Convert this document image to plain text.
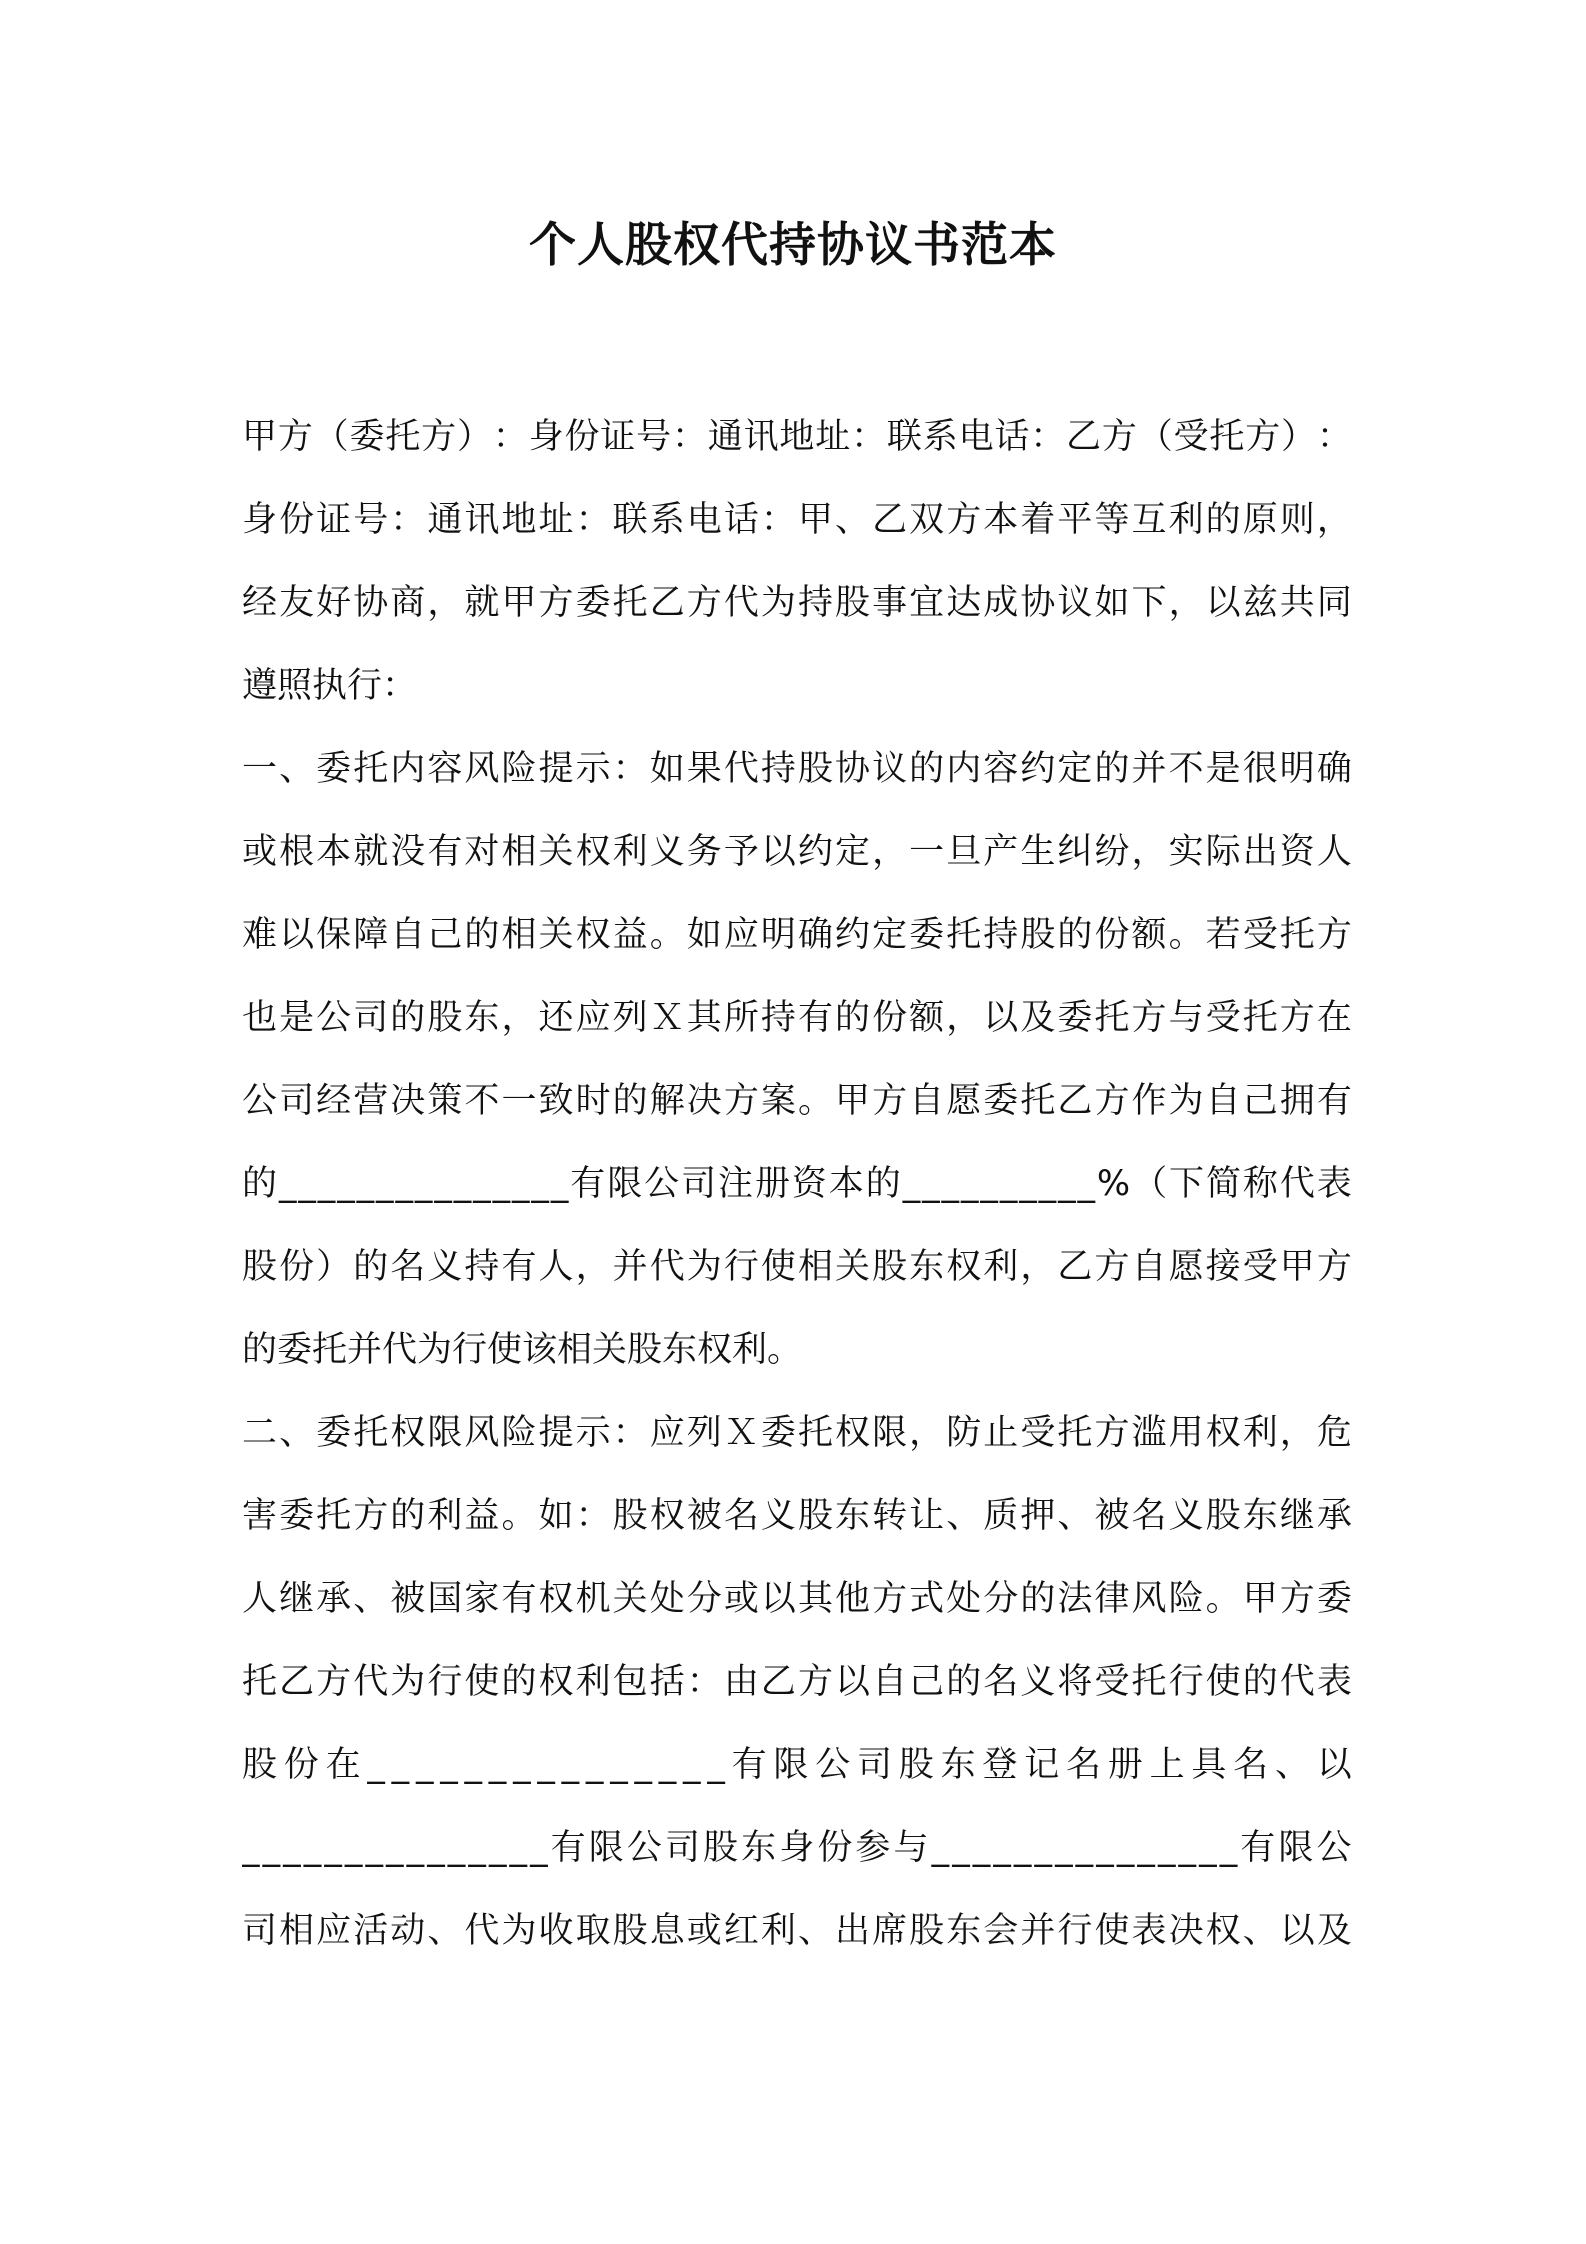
个人股权代持协议书范本
甲 方 （ 委 托 方 ） ： 身 份 证 号 ： 通 讯 地 址 ： 联 系 电 话 ： 乙 方 （ 受 托 方 ） ：
身 份 证 号 ： 通 讯 地 址 ： 联 系 电 话 ： 甲 、 乙 双 方 本 着 平 等 互 利 的 原 则 ，
经 友 好 协 商 ， 就 甲 方 委 托 乙 方 代 为 持 股 事 宜 达 成 协 议 如 下 ， 以 兹 共 同
遵照执行：
一 、 委 托 内 容 风 险 提 示 ： 如 果 代 持 股 协 议 的 内 容 约 定 的 并 不 是 很 明 确
或 根 本 就 没 有 对 相 关 权 利 义 务 予 以 约 定 ， 一 旦 产 生 纠 纷 ， 实 际 出 资 人
难 以 保 障 自 己 的 相 关 权 益 。 如 应 明 确 约 定 委 托 持 股 的 份 额 。 若 受 托 方
也 是 公 司 的 股 东 ， 还 应 列 Ｘ 其 所 持 有 的 份 额 ， 以 及 委 托 方 与 受 托 方 在
公 司 经 营 决 策 不 一 致 时 的 解 决 方 案 。 甲 方 自 愿 委 托 乙 方 作 为 自 己 拥 有
的 _ _ _ _ _ _ _ _ _ _ _ _ _ _ _ 有 限 公 司 注 册 资 本 的 _ _ _ _ _ _ _ _ _ _ % （ 下 简 称 代 表
股 份 ） 的 名 义 持 有 人 ， 并 代 为 行 使 相 关 股 东 权 利 ， 乙 方 自 愿 接 受 甲 方
的委托并代为行使该相关股东权利。
二 、 委 托 权 限 风 险 提 示 ： 应 列 Ｘ 委 托 权 限 ， 防 止 受 托 方 滥 用 权 利 ， 危
害 委 托 方 的 利 益 。 如 ： 股 权 被 名 义 股 东 转 让 、 质 押 、 被 名 义 股 东 继 承
人 继 承 、 被 国 家 有 权 机 关 处 分 或 以 其 他 方 式 处 分 的 法 律 风 险 。 甲 方 委
托 乙 方 代 为 行 使 的 权 利 包 括 ： 由 乙 方 以 自 己 的 名 义 将 受 托 行 使 的 代 表
股 份 在 _ _ _ _ _ _ _ _ _ _ _ _ _ _ _ 有 限 公 司 股 东 登 记 名 册 上 具 名 、 以
_ _ _ _ _ _ _ _ _ _ _ _ _ _ _ 有 限 公 司 股 东 身 份 参 与 _ _ _ _ _ _ _ _ _ _ _ _ _ _ _ 有 限 公
司 相 应 活 动 、 代 为 收 取 股 息 或 红 利 、 出 席 股 东 会 并 行 使 表 决 权 、 以 及
